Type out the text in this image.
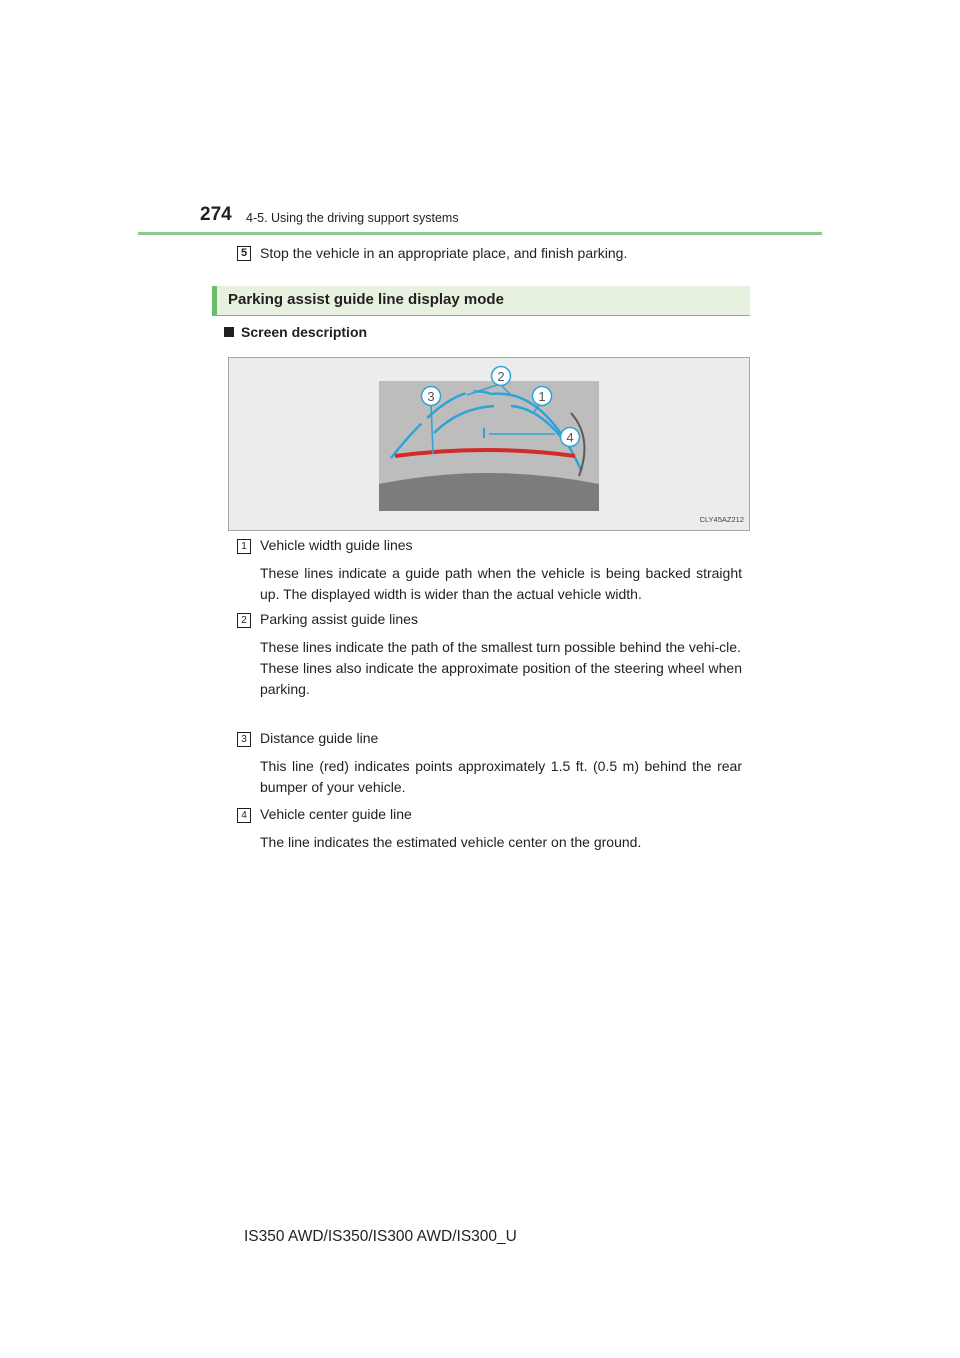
274 4-5. Using the driving support systems
5 Stop the vehicle in an appropriate place, and finish parking.
Parking assist guide line display mode
Screen description
1
2
3
4
CLY45AZ212
1 Vehicle width guide lines
These lines indicate a guide path when the vehicle is being backed straight up. The displayed width is wider than the actual vehicle width.
2 Parking assist guide lines
These lines indicate the path of the smallest turn possible behind the vehi-cle.
These lines also indicate the approximate position of the steering wheel when parking.
3 Distance guide line
This line (red) indicates points approximately 1.5 ft. (0.5 m) behind the rear bumper of your vehicle.
4 Vehicle center guide line
The line indicates the estimated vehicle center on the ground.
IS350 AWD/IS350/IS300 AWD/IS300_U
